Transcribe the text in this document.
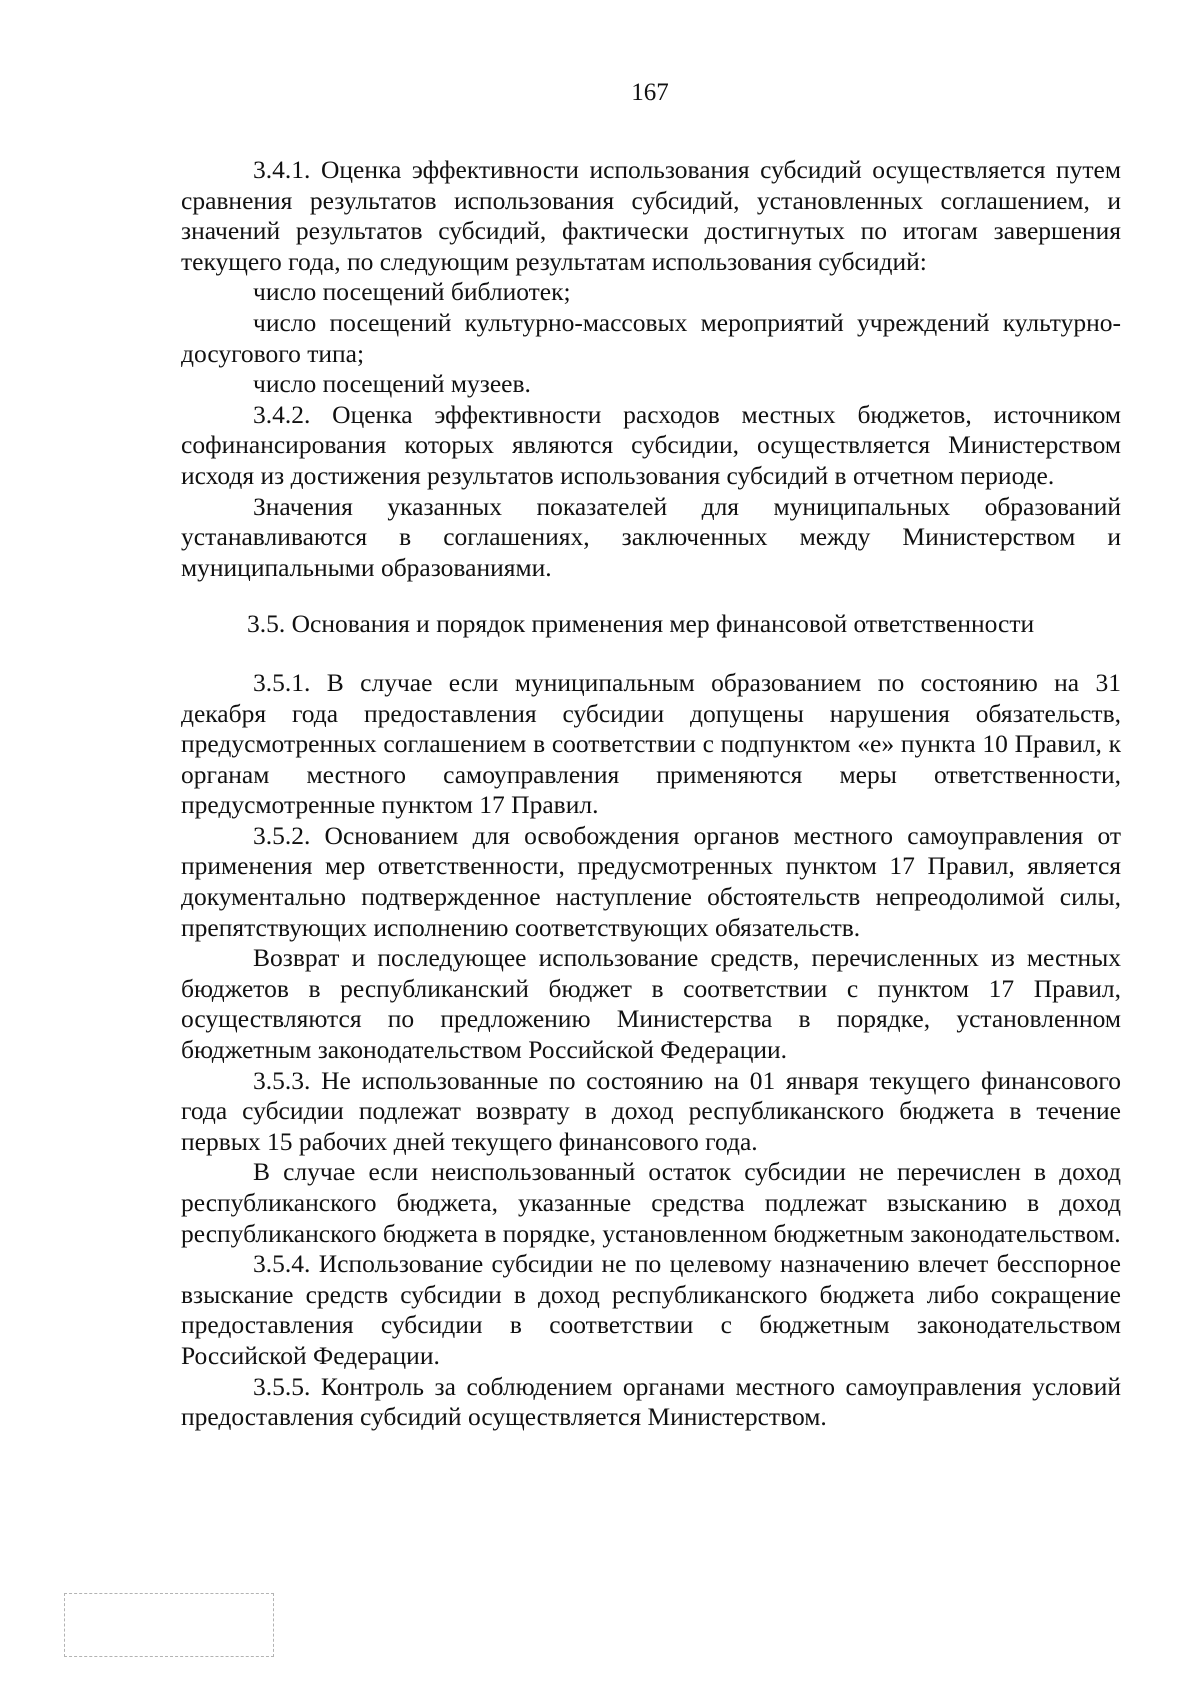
167

3.4.1. Оценка эффективности использования субсидий осуществляется путем сравнения результатов использования субсидий, установленных соглашением, и значений результатов субсидий, фактически достигнутых по итогам завершения текущего года, по следующим результатам использования субсидий:

число посещений библиотек;

число посещений культурно-массовых мероприятий учреждений культурно-досугового типа;

число посещений музеев.

3.4.2. Оценка эффективности расходов местных бюджетов, источником софинансирования которых являются субсидии, осуществляется Министерством исходя из достижения результатов использования субсидий в отчетном периоде.

Значения указанных показателей для муниципальных образований устанавливаются в соглашениях, заключенных между Министерством и муниципальными образованиями.

3.5. Основания и порядок применения мер финансовой ответственности

3.5.1. В случае если муниципальным образованием по состоянию на 31 декабря года предоставления субсидии допущены нарушения обязательств, предусмотренных соглашением в соответствии с подпунктом «е» пункта 10 Правил, к органам местного самоуправления применяются меры ответственности, предусмотренные пунктом 17 Правил.

3.5.2. Основанием для освобождения органов местного самоуправления от применения мер ответственности, предусмотренных пунктом 17 Правил, является документально подтвержденное наступление обстоятельств непреодолимой силы, препятствующих исполнению соответствующих обязательств.

Возврат и последующее использование средств, перечисленных из местных бюджетов в республиканский бюджет в соответствии с пунктом 17 Правил, осуществляются по предложению Министерства в порядке, установленном бюджетным законодательством Российской Федерации.

3.5.3. Не использованные по состоянию на 01 января текущего финансового года субсидии подлежат возврату в доход республиканского бюджета в течение первых 15 рабочих дней текущего финансового года.

В случае если неиспользованный остаток субсидии не перечислен в доход республиканского бюджета, указанные средства подлежат взысканию в доход республиканского бюджета в порядке, установленном бюджетным законодательством.

3.5.4. Использование субсидии не по целевому назначению влечет бесспорное взыскание средств субсидии в доход республиканского бюджета либо сокращение предоставления субсидии в соответствии с бюджетным законодательством Российской Федерации.

3.5.5. Контроль за соблюдением органами местного самоуправления условий предоставления субсидий осуществляется Министерством.
